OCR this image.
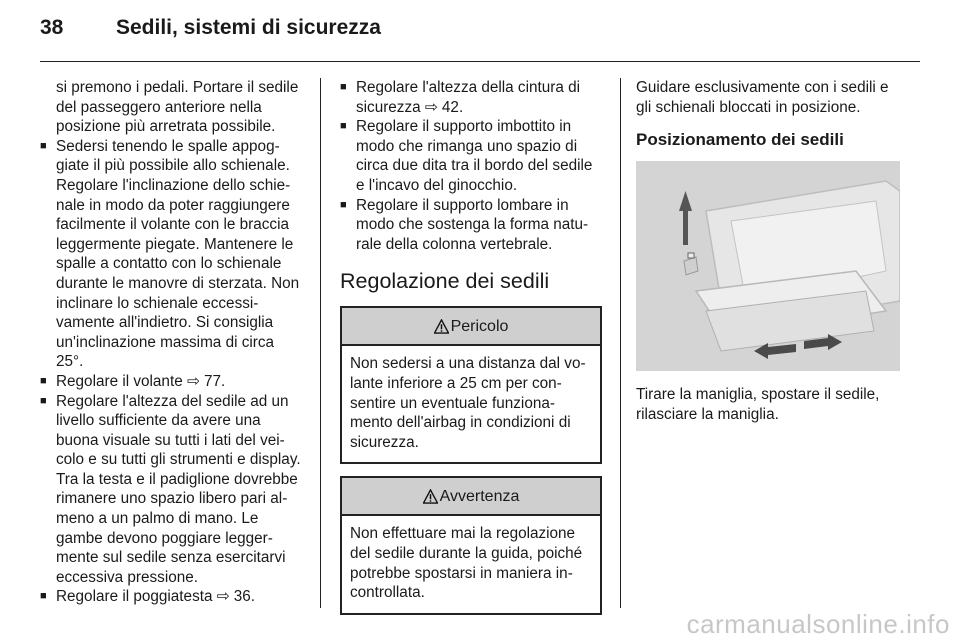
38	Sedili, sistemi di sicurezza

si premono i pedali. Portare il sedile del passeggero anteriore nella posizione più arretrata possibile.

■ Sedersi tenendo le spalle appoggiate il più possibile allo schienale. Regolare l'inclinazione dello schienale in modo da poter raggiungere facilmente il volante con le braccia leggermente piegate. Mantenere le spalle a contatto con lo schienale durante le manovre di sterzata. Non inclinare lo schienale eccessivamente all'indietro. Si consiglia un'inclinazione massima di circa 25°.

■ Regolare il volante ⇨ 77.

■ Regolare l'altezza del sedile ad un livello sufficiente da avere una buona visuale su tutti i lati del veicolo e su tutti gli strumenti e display. Tra la testa e il padiglione dovrebbe rimanere uno spazio libero pari almeno a un palmo di mano. Le gambe devono poggiare leggermente sul sedile senza esercitarvi eccessiva pressione.

■ Regolare il poggiatesta ⇨ 36.

■ Regolare l'altezza della cintura di sicurezza ⇨ 42.

■ Regolare il supporto imbottito in modo che rimanga uno spazio di circa due dita tra il bordo del sedile e l'incavo del ginocchio.

■ Regolare il supporto lombare in modo che sostenga la forma naturale della colonna vertebrale.

Regolazione dei sedili
Pericolo
Non sedersi a una distanza dal volante inferiore a 25 cm per consentire un eventuale funzionamento dell'airbag in condizioni di sicurezza.
Avvertenza
Non effettuare mai la regolazione del sedile durante la guida, poiché potrebbe spostarsi in maniera incontrollata.

Guidare esclusivamente con i sedili e gli schienali bloccati in posizione.

Posizionamento dei sedili

Tirare la maniglia, spostare il sedile, rilasciare la maniglia.

carmanualsonline.info
